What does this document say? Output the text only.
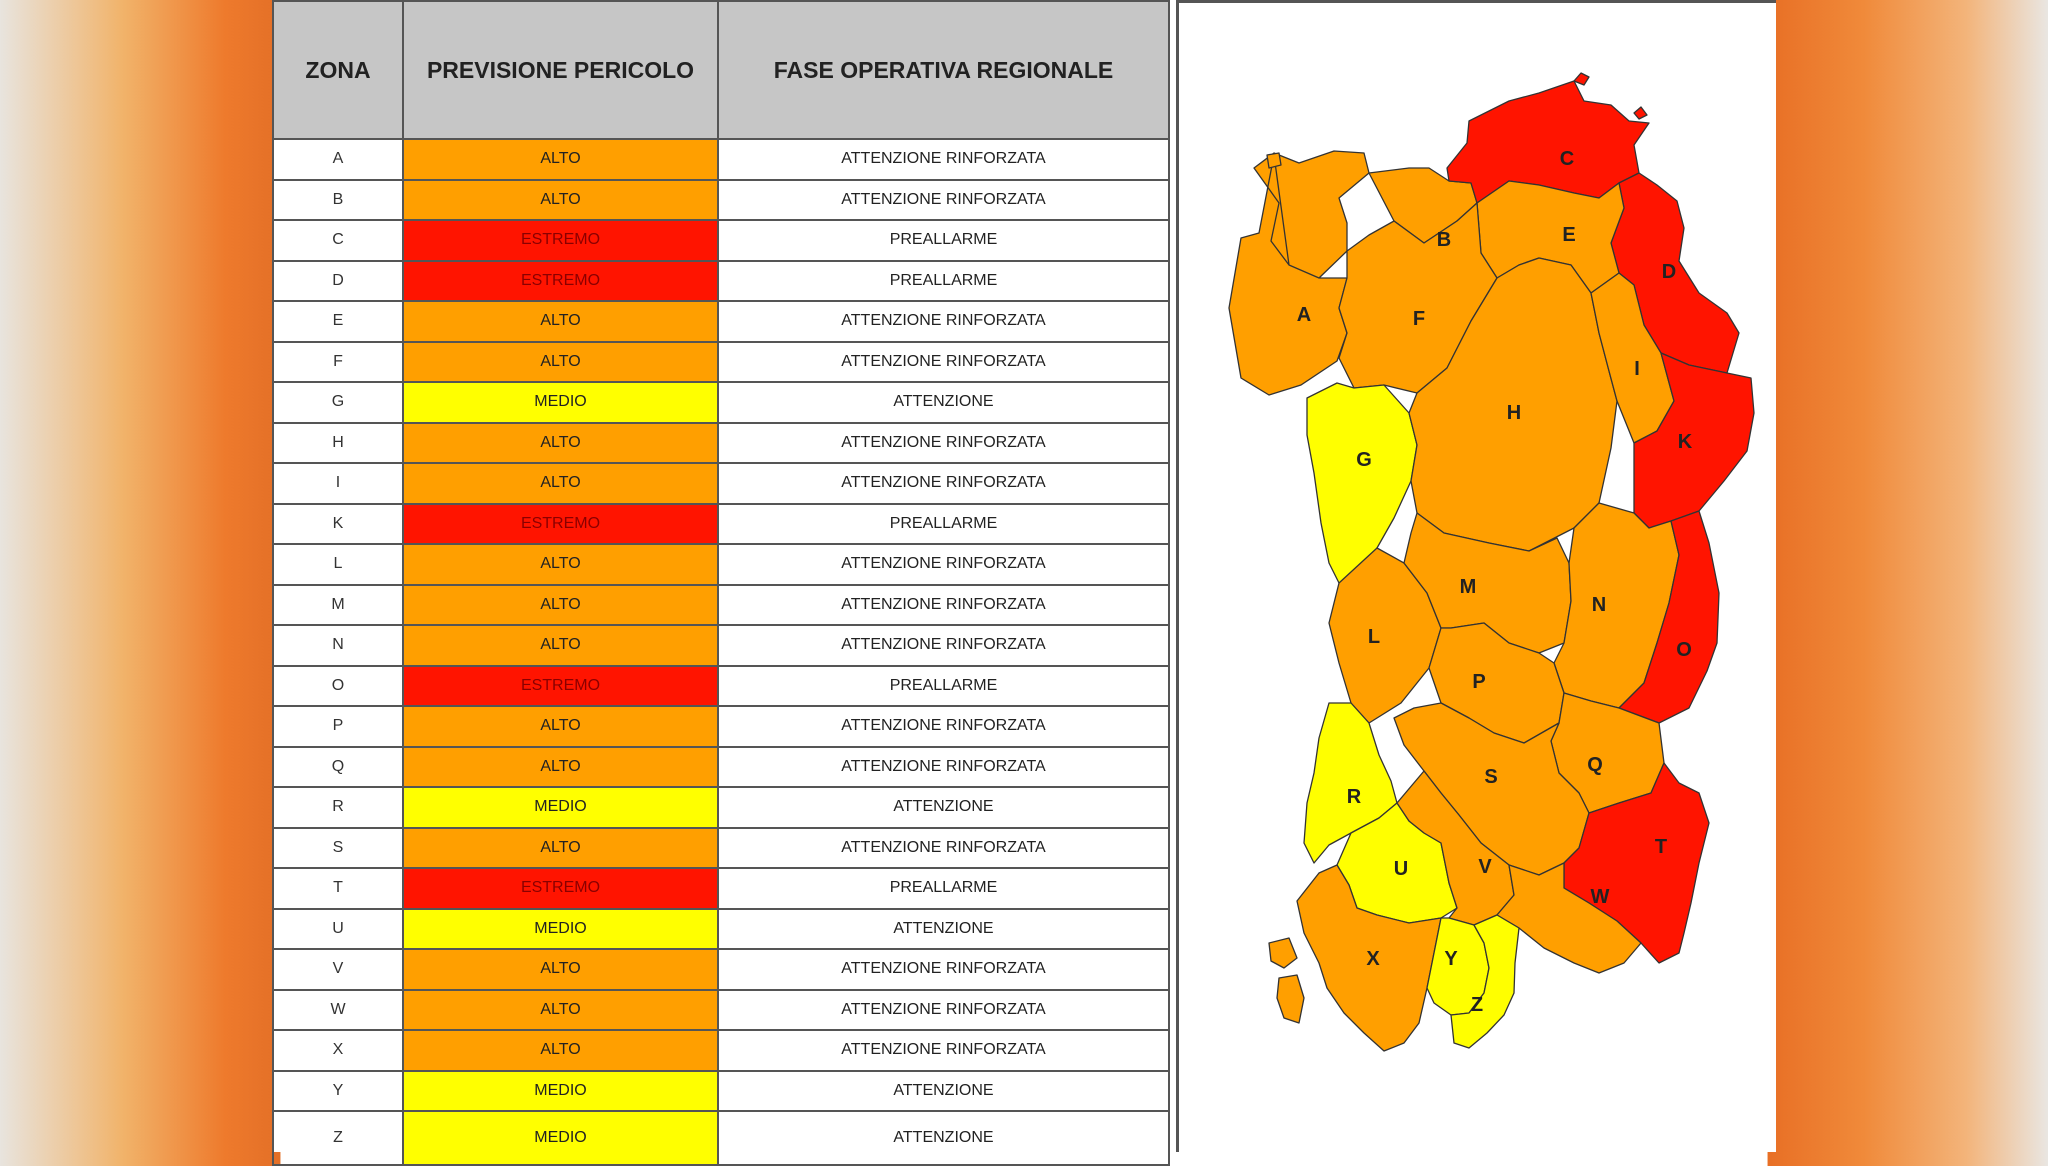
ZONA	PREVISIONE PERICOLO	FASE OPERATIVA REGIONALE
A	ALTO	ATTENZIONE RINFORZATA
B	ALTO	ATTENZIONE RINFORZATA
C	ESTREMO	PREALLARME
D	ESTREMO	PREALLARME
E	ALTO	ATTENZIONE RINFORZATA
F	ALTO	ATTENZIONE RINFORZATA
G	MEDIO	ATTENZIONE
H	ALTO	ATTENZIONE RINFORZATA
I	ALTO	ATTENZIONE RINFORZATA
K	ESTREMO	PREALLARME
L	ALTO	ATTENZIONE RINFORZATA
M	ALTO	ATTENZIONE RINFORZATA
N	ALTO	ATTENZIONE RINFORZATA
O	ESTREMO	PREALLARME
P	ALTO	ATTENZIONE RINFORZATA
Q	ALTO	ATTENZIONE RINFORZATA
R	MEDIO	ATTENZIONE
S	ALTO	ATTENZIONE RINFORZATA
T	ESTREMO	PREALLARME
U	MEDIO	ATTENZIONE
V	ALTO	ATTENZIONE RINFORZATA
W	ALTO	ATTENZIONE RINFORZATA
X	ALTO	ATTENZIONE RINFORZATA
Y	MEDIO	ATTENZIONE
Z	MEDIO	ATTENZIONE
A
B
C
D
E
F
G
H
I
K
L
M
N
O
P
Q
R
S
T
U	V
W
X	Y
Z
